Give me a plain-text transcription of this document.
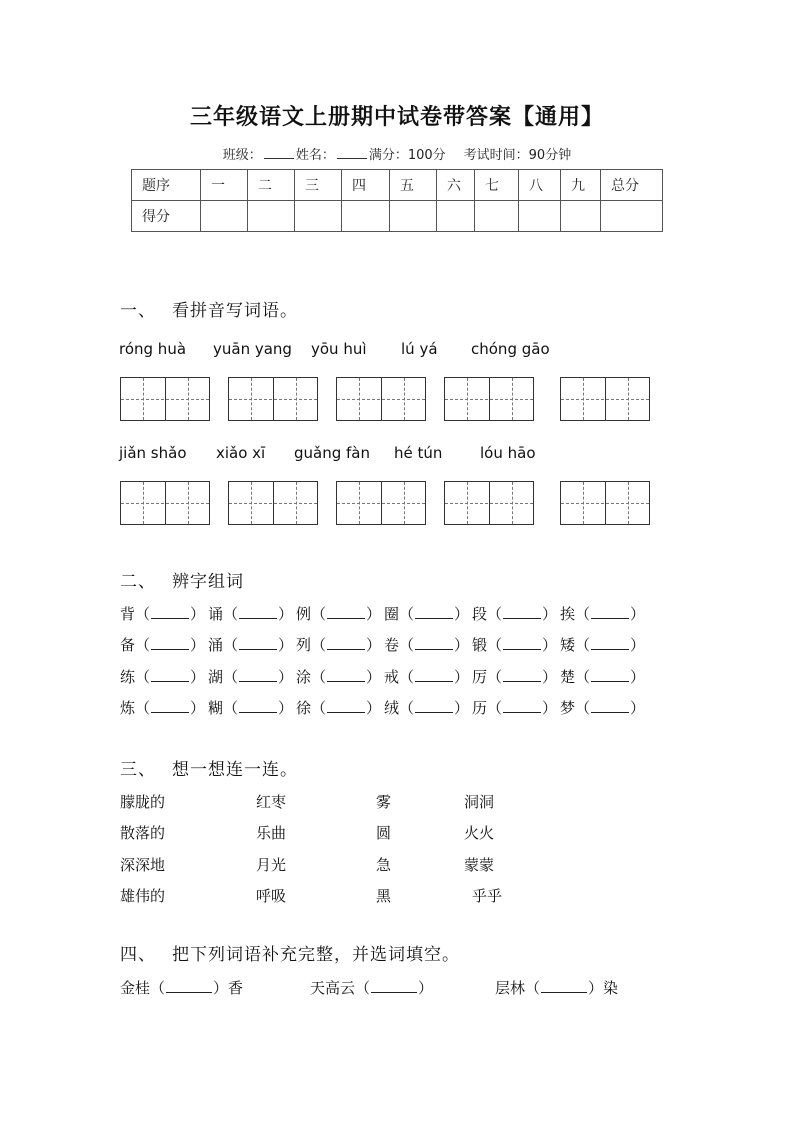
三年级语文上册期中试卷带答案【通用】
班级：	姓名：	满分：100分 考试时间：90分钟
题序	一	二	三	四	五	六	七	八	九	总分
得分										
一、 看拼音写词语。
róng huà yuān yang yōu huì lú yá chóng gāo
jiǎn shǎo xiǎo xī guǎng fàn hé tún	lóu hāo
二、 辨字组词
背（	） 诵（	） 例（	） 圈（	） 段（	） 挨（	）
备（	） 涌（	） 列（	） 卷（	） 锻（	） 矮（	）
练（	） 湖（	） 涂（	） 戒（	） 厉（	） 楚（	）
炼（	） 糊（	） 徐（	） 绒（	） 历（	） 梦（	）
三、 想一想连一连。
朦胧的	红枣	雾	洞洞
散落的	乐曲	圆	火火
深深地	月光	急	蒙蒙
雄伟的	呼吸	黑	乎乎
四、 把下列词语补充完整，并选词填空。
金桂（	）香	天高云（	）	层林（	）染
